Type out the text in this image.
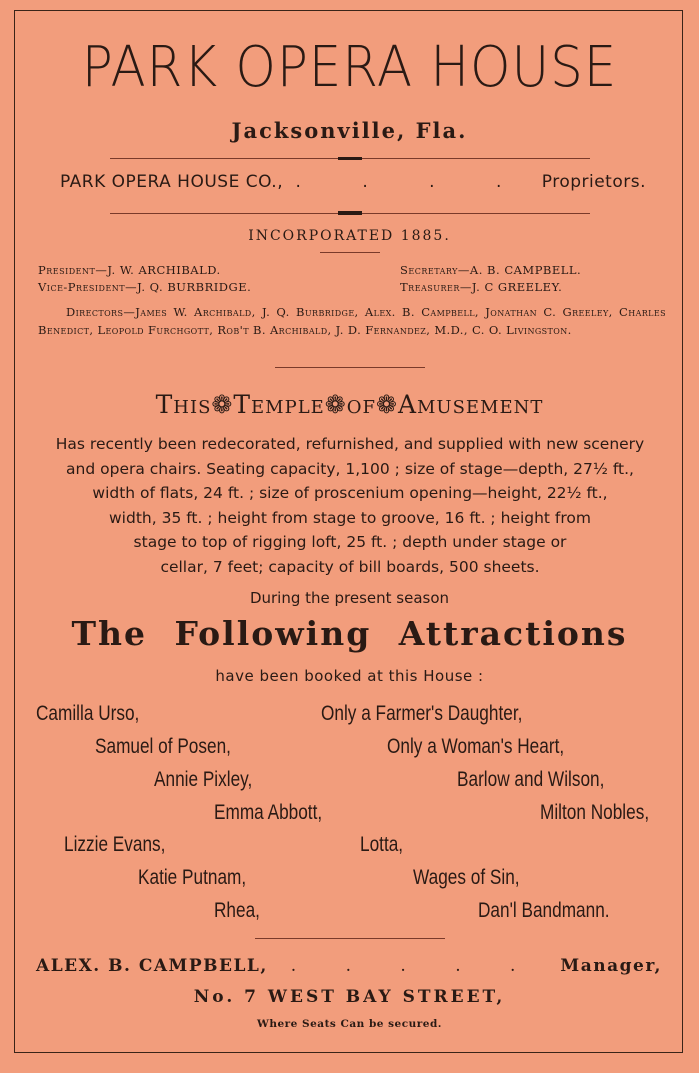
PARK OPERA HOUSE
Jacksonville, Fla.
PARK OPERA HOUSE CO., . . . . Proprietors.
INCORPORATED 1885.
President—J. W. ARCHIBALD.	Secretary—A. B. CAMPBELL.
Vice-President—J. Q. BURBRIDGE.	Treasurer—J. C GREELEY.
Directors—James W. Archibald, J. Q. Burbridge, Alex. B. Campbell, Jonathan C. Greeley, Charles Benedict, Leopold Furchgott, Rob't B. Archibald, J. D. Fernandez, M.D., C. O. Livingston.
This❁Temple❁of❁Amusement
Has recently been redecorated, refurnished, and supplied with new scenery
and opera chairs. Seating capacity, 1,100 ; size of stage—depth, 27½ ft.,
width of flats, 24 ft. ; size of proscenium opening—height, 22½ ft.,
width, 35 ft. ; height from stage to groove, 16 ft. ; height from
stage to top of rigging loft, 25 ft. ; depth under stage or
cellar, 7 feet; capacity of bill boards, 500 sheets.
During the present season
The Following Attractions
have been booked at this House :
Camilla Urso,
Samuel of Posen,
Annie Pixley,
Emma Abbott,
Lizzie Evans,
Katie Putnam,
Rhea,
Only a Farmer's Daughter,
Only a Woman's Heart,
Barlow and Wilson,
Milton Nobles,
Lotta,
Wages of Sin,
Dan'l Bandmann.
ALEX. B. CAMPBELL, . . . . . Manager,
No. 7 WEST BAY STREET,
Where Seats Can be secured.
